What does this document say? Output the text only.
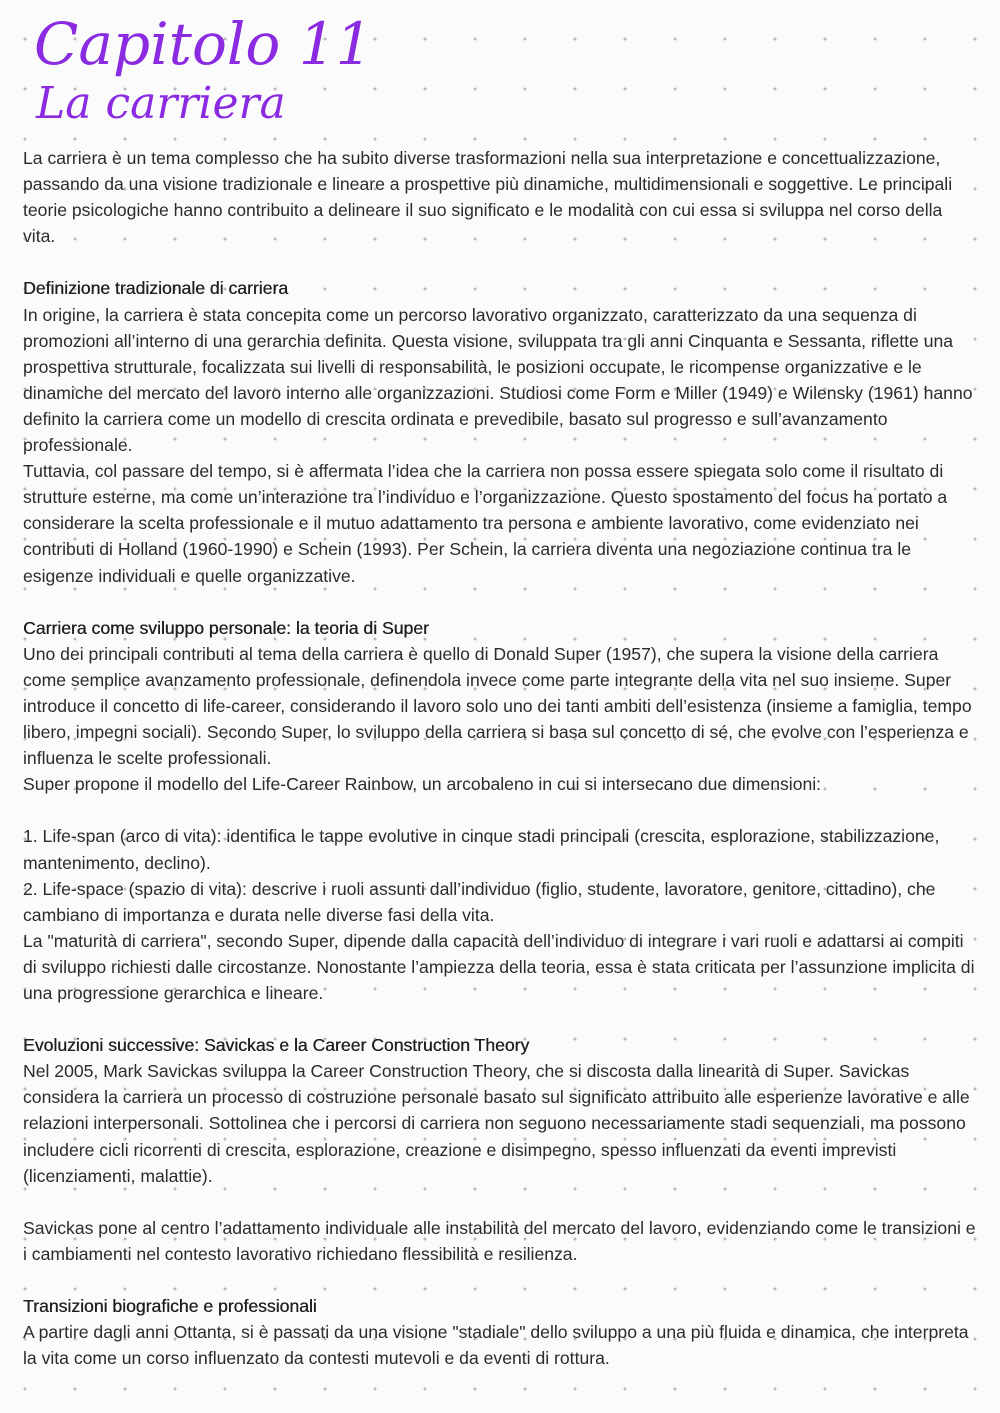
Capitolo 11
La carriera

La carriera è un tema complesso che ha subito diverse trasformazioni nella sua interpretazione e concettualizzazione, passando da una visione tradizionale e lineare a prospettive più dinamiche, multidimensionali e soggettive. Le principali teorie psicologiche hanno contribuito a delineare il suo significato e le modalità con cui essa si sviluppa nel corso della vita.

Definizione tradizionale di carriera

In origine, la carriera è stata concepita come un percorso lavorativo organizzato, caratterizzato da una sequenza di promozioni all’interno di una gerarchia definita. Questa visione, sviluppata tra gli anni Cinquanta e Sessanta, riflette una prospettiva strutturale, focalizzata sui livelli di responsabilità, le posizioni occupate, le ricompense organizzative e le dinamiche del mercato del lavoro interno alle organizzazioni. Studiosi come Form e Miller (1949) e Wilensky (1961) hanno definito la carriera come un modello di crescita ordinata e prevedibile, basato sul progresso e sull’avanzamento professionale.

Tuttavia, col passare del tempo, si è affermata l’idea che la carriera non possa essere spiegata solo come il risultato di strutture esterne, ma come un’interazione tra l’individuo e l’organizzazione. Questo spostamento del focus ha portato a considerare la scelta professionale e il mutuo adattamento tra persona e ambiente lavorativo, come evidenziato nei contributi di Holland (1960-1990) e Schein (1993). Per Schein, la carriera diventa una negoziazione continua tra le esigenze individuali e quelle organizzative.

Carriera come sviluppo personale: la teoria di Super

Uno dei principali contributi al tema della carriera è quello di Donald Super (1957), che supera la visione della carriera come semplice avanzamento professionale, definendola invece come parte integrante della vita nel suo insieme. Super introduce il concetto di life-career, considerando il lavoro solo uno dei tanti ambiti dell’esistenza (insieme a famiglia, tempo libero, impegni sociali). Secondo Super, lo sviluppo della carriera si basa sul concetto di sé, che evolve con l’esperienza e influenza le scelte professionali.

Super propone il modello del Life-Career Rainbow, un arcobaleno in cui si intersecano due dimensioni:

1. Life-span (arco di vita): identifica le tappe evolutive in cinque stadi principali (crescita, esplorazione, stabilizzazione, mantenimento, declino).

2. Life-space (spazio di vita): descrive i ruoli assunti dall’individuo (figlio, studente, lavoratore, genitore, cittadino), che cambiano di importanza e durata nelle diverse fasi della vita.

La "maturità di carriera", secondo Super, dipende dalla capacità dell’individuo di integrare i vari ruoli e adattarsi ai compiti di sviluppo richiesti dalle circostanze. Nonostante l’ampiezza della teoria, essa è stata criticata per l’assunzione implicita di una progressione gerarchica e lineare.

Evoluzioni successive: Savickas e la Career Construction Theory

Nel 2005, Mark Savickas sviluppa la Career Construction Theory, che si discosta dalla linearità di Super. Savickas considera la carriera un processo di costruzione personale basato sul significato attribuito alle esperienze lavorative e alle relazioni interpersonali. Sottolinea che i percorsi di carriera non seguono necessariamente stadi sequenziali, ma possono includere cicli ricorrenti di crescita, esplorazione, creazione e disimpegno, spesso influenzati da eventi imprevisti (licenziamenti, malattie).

Savickas pone al centro l’adattamento individuale alle instabilità del mercato del lavoro, evidenziando come le transizioni e i cambiamenti nel contesto lavorativo richiedano flessibilità e resilienza.

Transizioni biografiche e professionali

A partire dagli anni Ottanta, si è passati da una visione "stadiale" dello sviluppo a una più fluida e dinamica, che interpreta la vita come un corso influenzato da contesti mutevoli e da eventi di rottura.
